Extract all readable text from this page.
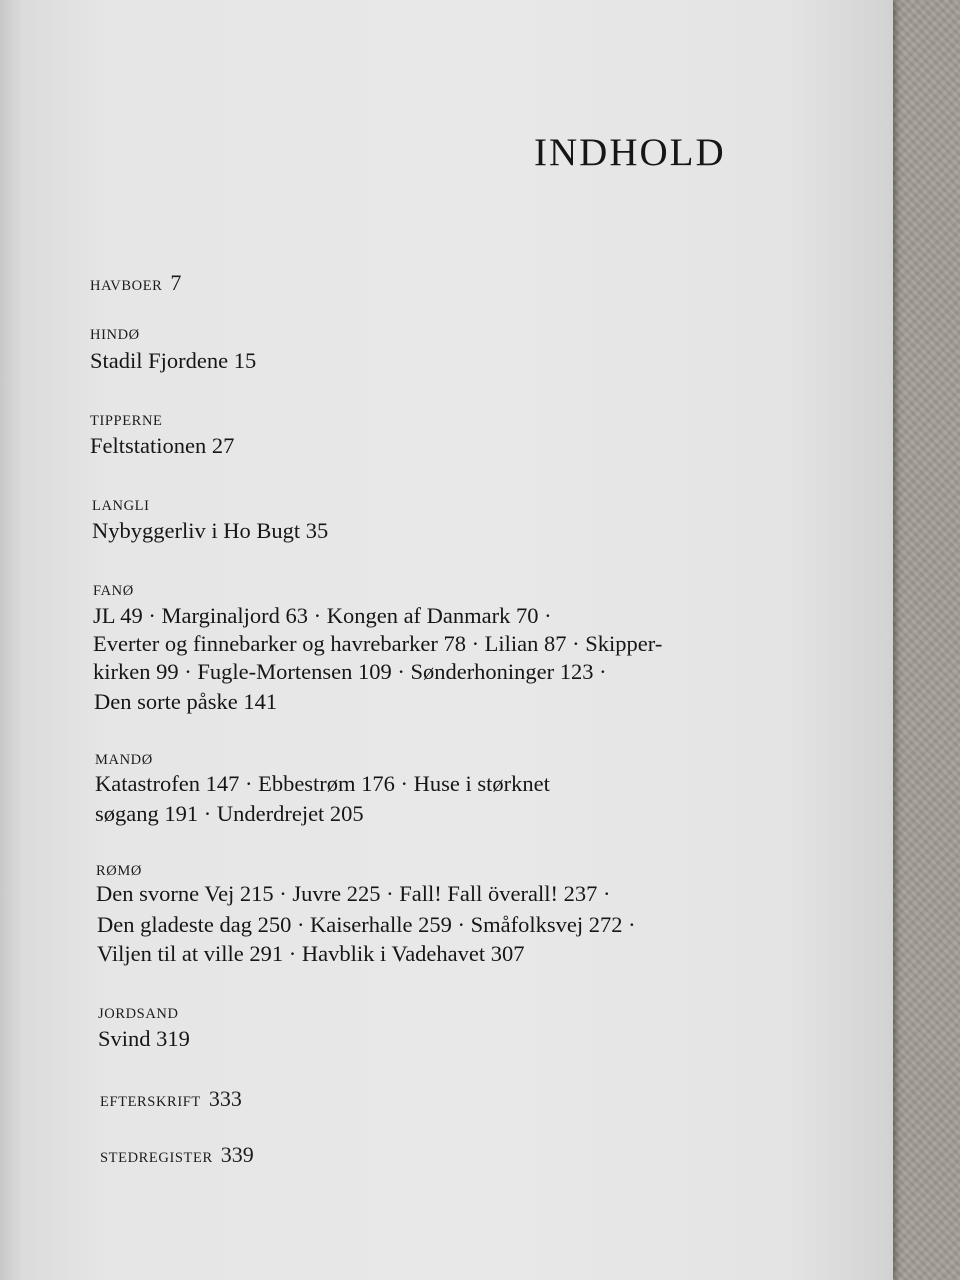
INDHOLD
HAVBOER 7
HINDØ
Stadil Fjordene 15
TIPPERNE
Feltstationen 27
LANGLI
Nybyggerliv i Ho Bugt 35
FANØ
JL 49 · Marginaljord 63 · Kongen af Danmark 70 ·
Everter og finnebarker og havrebarker 78 · Lilian 87 · Skipper-
kirken 99 · Fugle-Mortensen 109 · Sønderhoninger 123 ·
Den sorte påske 141
MANDØ
Katastrofen 147 · Ebbestrøm 176 · Huse i størknet
søgang 191 · Underdrejet 205
RØMØ
Den svorne Vej 215 · Juvre 225 · Fall! Fall överall! 237 ·
Den gladeste dag 250 · Kaiserhalle 259 · Småfolksvej 272 ·
Viljen til at ville 291 · Havblik i Vadehavet 307
JORDSAND
Svind 319
EFTERSKRIFT 333
STEDREGISTER 339
